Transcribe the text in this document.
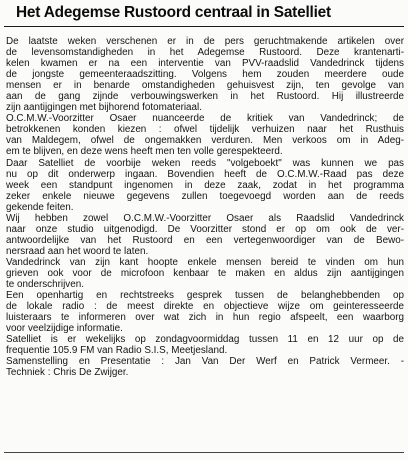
Het Adegemse Rustoord centraal in Satelliet
De laatste weken verschenen er in de pers geruchtmakende artikelen over
de levensomstandigheden in het Adegemse Rustoord. Deze krantenarti-
kelen kwamen er na een interventie van PVV-raadslid Vandedrinck tijdens
de jongste gemeenteraadszitting. Volgens hem zouden meerdere oude
mensen er in benarde omstandigheden gehuisvest zijn, ten gevolge van
aan de gang zijnde verbouwingswerken in het Rustoord. Hij illustreerde
zijn aantijgingen met bijhorend fotomateriaal.
O.C.M.W.-Voorzitter Osaer nuanceerde de kritiek van Vandedrinck; de
betrokkenen konden kiezen : ofwel tijdelijk verhuizen naar het Rusthuis
van Maldegem, ofwel de ongemakken verduren. Men verkoos om in Adeg-
em te blijven, en deze wens heeft men ten volle gerespekteerd.
Daar Satelliet de voorbije weken reeds "volgeboekt" was kunnen we pas
nu op dit onderwerp ingaan. Bovendien heeft de O.C.M.W.-Raad pas deze
week een standpunt ingenomen in deze zaak, zodat in het programma
zeker enkele nieuwe gegevens zullen toegevoegd worden aan de reeds
gekende feiten.
Wij hebben zowel O.C.M.W.-Voorzitter Osaer als Raadslid Vandedrinck
naar onze studio uitgenodigd. De Voorzitter stond er op om ook de ver-
antwoordelijke van het Rustoord en een vertegenwoordiger van de Bewo-
nersraad aan het woord te laten.
Vandedrinck van zijn kant hoopte enkele mensen bereid te vinden om hun
grieven ook voor de microfoon kenbaar te maken en aldus zijn aantijgingen
te onderschrijven.
Een openhartig en rechtstreeks gesprek tussen de belanghebbenden op
de lokale radio : de meest direkte en objectieve wijze om geinteresseerde
luisteraars te informeren over wat zich in hun regio afspeelt, een waarborg
voor veelzijdige informatie.
Satelliet is er wekelijks op zondagvoormiddag tussen 11 en 12 uur op de
frequentie 105.9 FM van Radio S.I.S, Meetjesland.
Samenstelling en Presentatie : Jan Van Der Werf en Patrick Vermeer. -
Techniek : Chris De Zwijger.
